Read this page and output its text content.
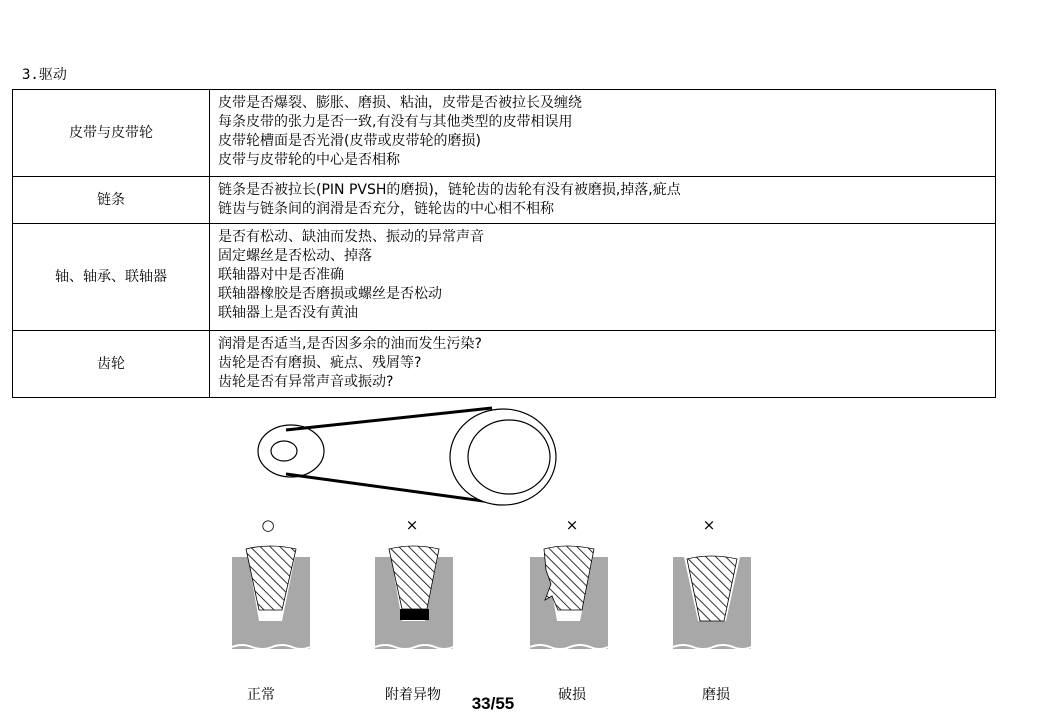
3.驱动
皮带与皮带轮	皮带是否爆裂、膨胀、磨损、粘油，皮带是否被拉长及缠绕
每条皮带的张力是否一致,有没有与其他类型的皮带相误用
皮带轮槽面是否光滑(皮带或皮带轮的磨损)
皮带与皮带轮的中心是否相称

链条	链条是否被拉长(PIN PVSH的磨损)，链轮齿的齿轮有没有被磨损,掉落,疵点
链齿与链条间的润滑是否充分，链轮齿的中心相不相称

轴、轴承、联轴器	是否有松动、缺油而发热、振动的异常声音
固定螺丝是否松动、掉落
联轴器对中是否准确
联轴器橡胶是否磨损或螺丝是否松动
联轴器上是否没有黄油

齿轮	润滑是否适当,是否因多余的油而发生污染?
齿轮是否有磨损、疵点、残屑等?
齿轮是否有异常声音或振动?
○	×	×	×
正常	附着异物	破损	磨损
33/55
